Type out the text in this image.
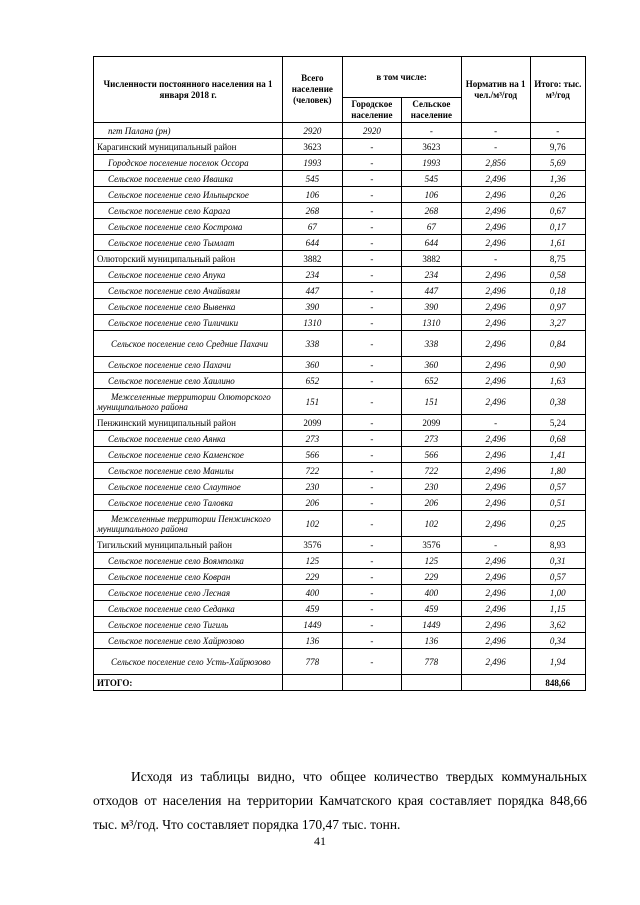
Численности постоянного населения на 1 января 2018 г.	Всего население (человек)	в том числе:		Норматив на 1 чел./м³/год	Итого: тыс. м³/год
		Городское население	Сельское население		
пгт Палана (рн)	2920	2920	-	-	-
Карагинский муниципальный район	3623	-	3623	-	9,76
Городское поселение поселок Оссора	1993	-	1993	2,856	5,69
Сельское поселение село Ивашка	545	-	545	2,496	1,36
Сельское поселение село Ильпырское	106	-	106	2,496	0,26
Сельское поселение село Карага	268	-	268	2,496	0,67
Сельское поселение село Кострома	67	-	67	2,496	0,17
Сельское поселение село Тымлат	644	-	644	2,496	1,61
Олюторский муниципальный район	3882	-	3882	-	8,75
Сельское поселение село Апука	234	-	234	2,496	0,58
Сельское поселение село Ачайваям	447	-	447	2,496	0,18
Сельское поселение село Вывенка	390	-	390	2,496	0,97
Сельское поселение село Тиличики	1310	-	1310	2,496	3,27
Сельское поселение село Средние Пахачи	338	-	338	2,496	0,84
Сельское поселение село Пахачи	360	-	360	2,496	0,90
Сельское поселение село Хаилино	652	-	652	2,496	1,63
Межселенные территории Олюторского муниципального района	151	-	151	2,496	0,38
Пенжинский муниципальный район	2099	-	2099	-	5,24
Сельское поселение село Аянка	273	-	273	2,496	0,68
Сельское поселение село Каменское	566	-	566	2,496	1,41
Сельское поселение село Манилы	722	-	722	2,496	1,80
Сельское поселение село Слаутное	230	-	230	2,496	0,57
Сельское поселение село Таловка	206	-	206	2,496	0,51
Межселенные территории Пенжинского муниципального района	102	-	102	2,496	0,25
Тигильский муниципальный район	3576	-	3576	-	8,93
Сельское поселение село Воямполка	125	-	125	2,496	0,31
Сельское поселение село Ковран	229	-	229	2,496	0,57
Сельское поселение село Лесная	400	-	400	2,496	1,00
Сельское поселение село Седанка	459	-	459	2,496	1,15
Сельское поселение село Тигиль	1449	-	1449	2,496	3,62
Сельское поселение село Хайрюзово	136	-	136	2,496	0,34
Сельское поселение село Усть-Хайрюзово	778	-	778	2,496	1,94
ИТОГО:					848,66

Исходя из таблицы видно, что общее количество твердых коммунальных отходов от населения на территории Камчатского края составляет порядка 848,66 тыс. м³/год. Что составляет порядка 170,47 тыс. тонн.

41
